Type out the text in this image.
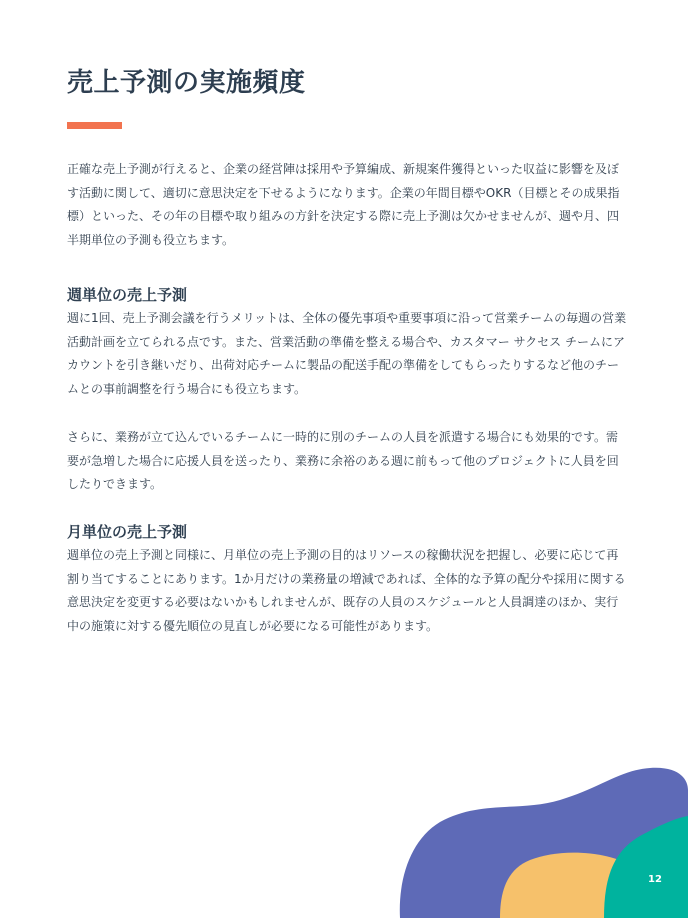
売上予測の実施頻度

正確な売上予測が行えると、企業の経営陣は採用や予算編成、新規案件獲得といった収益に影響を及ぼす活動に関して、適切に意思決定を下せるようになります。企業の年間目標やOKR（目標とその成果指標）といった、その年の目標や取り組みの方針を決定する際に売上予測は欠かせませんが、週や月、四半期単位の予測も役立ちます。

週単位の売上予測

週に1回、売上予測会議を行うメリットは、全体の優先事項や重要事項に沿って営業チームの毎週の営業活動計画を立てられる点です。また、営業活動の準備を整える場合や、カスタマー サクセス チームにアカウントを引き継いだり、出荷対応チームに製品の配送手配の準備をしてもらったりするなど他のチームとの事前調整を行う場合にも役立ちます。

さらに、業務が立て込んでいるチームに一時的に別のチームの人員を派遣する場合にも効果的です。需要が急増した場合に応援人員を送ったり、業務に余裕のある週に前もって他のプロジェクトに人員を回したりできます。

月単位の売上予測

週単位の売上予測と同様に、月単位の売上予測の目的はリソースの稼働状況を把握し、必要に応じて再割り当てすることにあります。1か月だけの業務量の増減であれば、全体的な予算の配分や採用に関する意思決定を変更する必要はないかもしれませんが、既存の人員のスケジュールと人員調達のほか、実行中の施策に対する優先順位の見直しが必要になる可能性があります。

12
